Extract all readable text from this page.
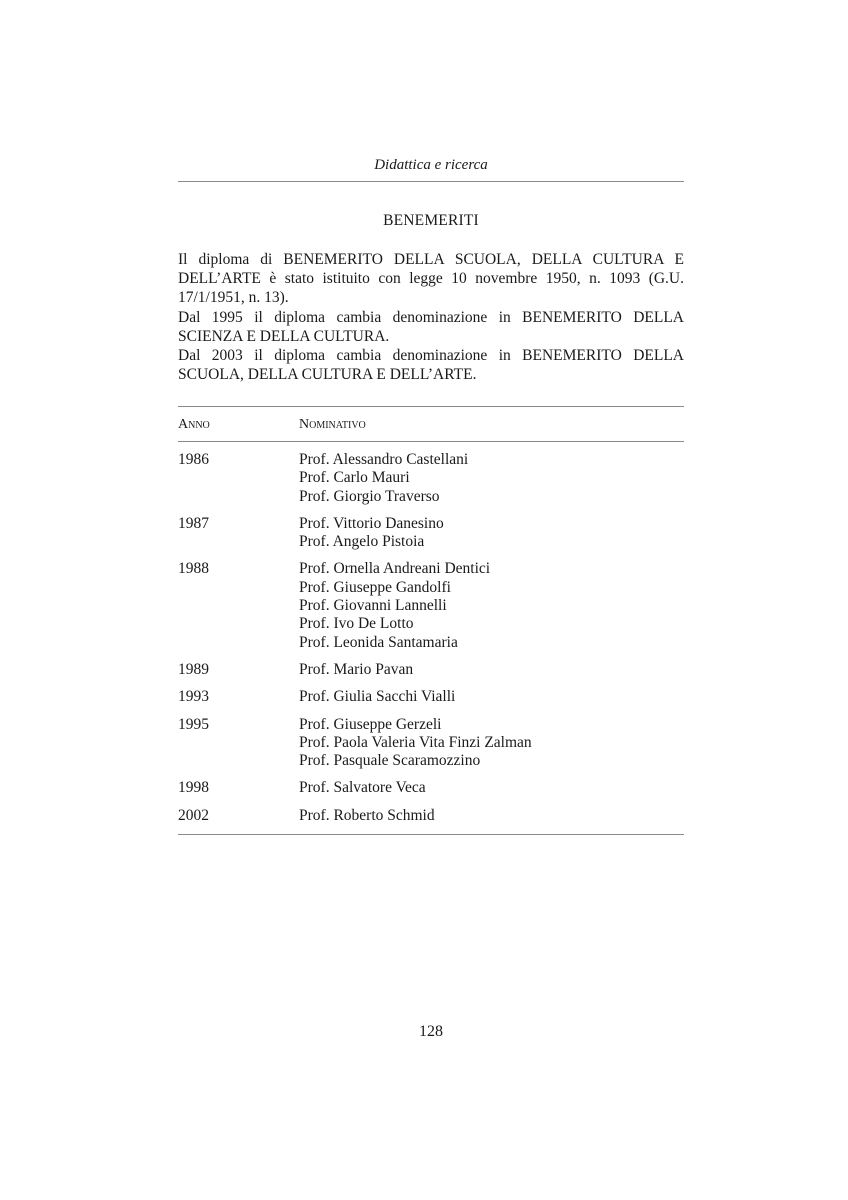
Didattica e ricerca
BENEMERITI

Il diploma di BENEMERITO DELLA SCUOLA, DELLA CULTURA E DELL’ARTE è stato istituito con legge 10 novembre 1950, n. 1093 (G.U. 17/1/1951, n. 13).

Dal 1995 il diploma cambia denominazione in BENEMERITO DELLA SCIENZA E DELLA CULTURA.

Dal 2003 il diploma cambia denominazione in BENEMERITO DELLA SCUOLA, DELLA CULTURA E DELL’ARTE.

Anno	Nominativo
1986	Prof. Alessandro Castellani
Prof. Carlo Mauri
Prof. Giorgio Traverso
1987	Prof. Vittorio Danesino
Prof. Angelo Pistoia
1988	Prof. Ornella Andreani Dentici
Prof. Giuseppe Gandolfi
Prof. Giovanni Lannelli
Prof. Ivo De Lotto
Prof. Leonida Santamaria
1989	Prof. Mario Pavan
1993	Prof. Giulia Sacchi Vialli
1995	Prof. Giuseppe Gerzeli
Prof. Paola Valeria Vita Finzi Zalman
Prof. Pasquale Scaramozzino
1998	Prof. Salvatore Veca
2002	Prof. Roberto Schmid
128
